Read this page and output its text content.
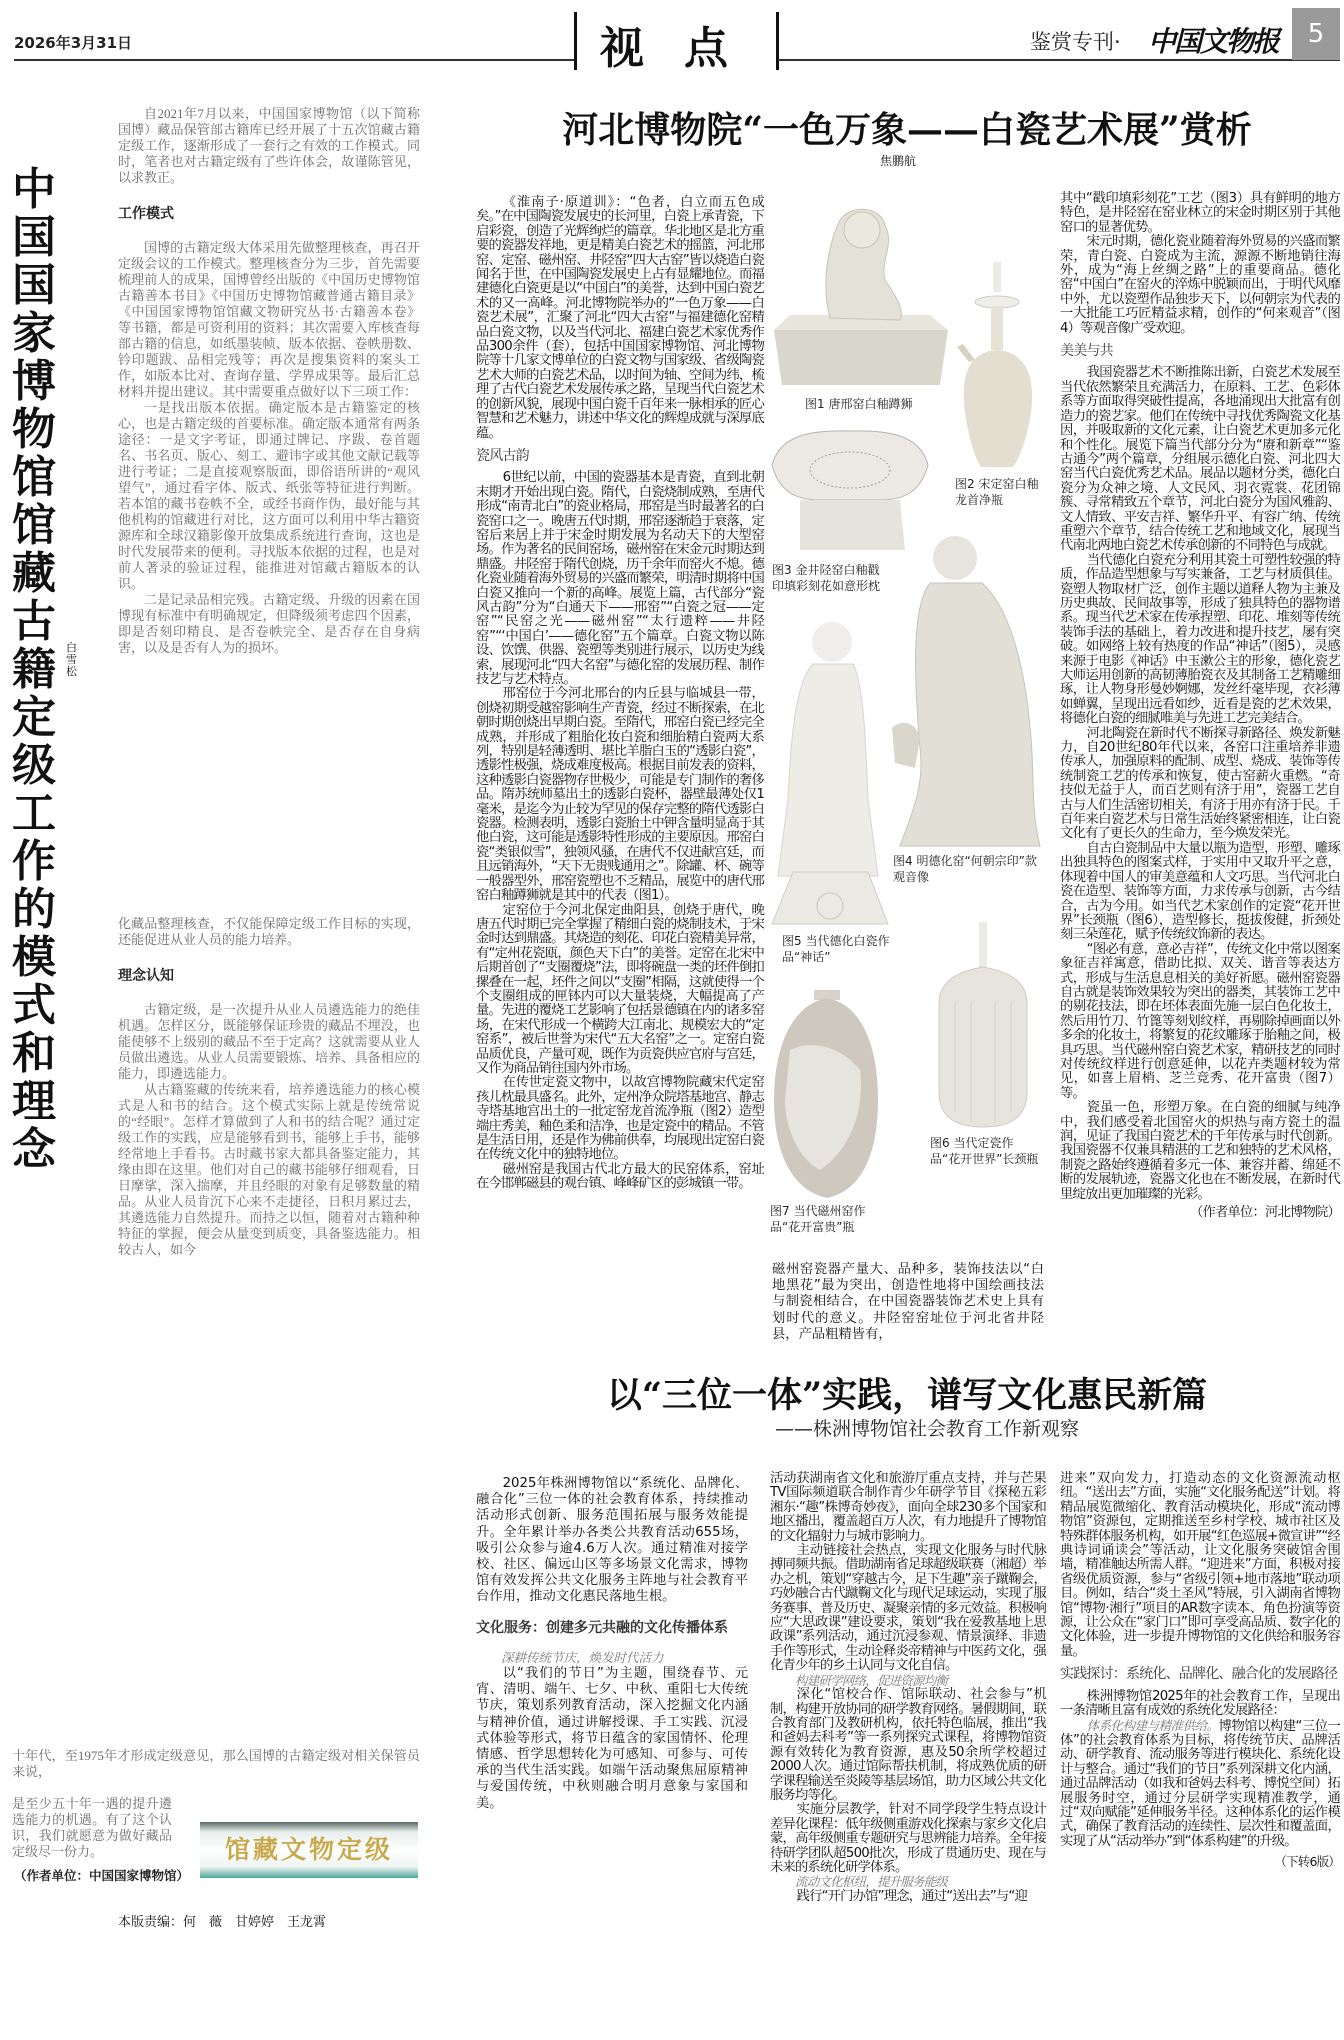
2026年3月31日	视点	鉴赏专刊· 中国文物报	5
中国国家博物馆馆藏古籍定级工作的模式和理念
白雪松

自2021年7月以来，中国国家博物馆（以下简称国博）藏品保管部古籍库已经开展了十五次馆藏古籍定级工作，逐渐形成了一套行之有效的工作模式。同时，笔者也对古籍定级有了些许体会，故谨陈管见，以求教正。

工作模式

国博的古籍定级大体采用先做整理核查，再召开定级会议的工作模式。整理核查分为三步，首先需要梳理前人的成果，国博曾经出版的《中国历史博物馆古籍善本书目》《中国历史博物馆藏普通古籍目录》《中国国家博物馆馆藏文物研究丛书·古籍善本卷》等书籍，都是可资利用的资料；其次需要入库核查每部古籍的信息，如纸墨装帧、版本依据、卷帙册数、钤印题跋、品相完残等；再次是搜集资料的案头工作，如版本比对、查询存量、学界成果等。最后汇总材料并提出建议。其中需要重点做好以下三项工作：

一是找出版本依据。确定版本是古籍鉴定的核心，也是古籍定级的首要标准。确定版本通常有两条途径：一是文字考证，即通过牌记、序跋、卷首题名、书名页、版心、刻工、避讳字或其他文献记载等进行考证；二是直接观察版面，即俗语所讲的“观风望气”，通过看字体、版式、纸张等特征进行判断。若本馆的藏书卷帙不全，或经书商作伪，最好能与其他机构的馆藏进行对比，这方面可以利用中华古籍资源库和全球汉籍影像开放集成系统进行查询，这也是时代发展带来的便利。寻找版本依据的过程，也是对前人著录的验证过程，能推进对馆藏古籍版本的认识。

二是记录品相完残。古籍定级、升级的因素在国博现有标准中有明确规定，但降级须考虑四个因素，即是否刻印精良、是否卷帙完全、是否存在自身病害，以及是否有人为的损坏。

化藏品整理核查，不仅能保障定级工作目标的实现，还能促进从业人员的能力培养。

理念认知

古籍定级，是一次提升从业人员遴选能力的绝佳机遇。怎样区分，既能够保证珍贵的藏品不埋没，也能使够不上级别的藏品不至于定高？这就需要从业人员做出遴选。从业人员需要锻炼、培养、具备相应的能力，即遴选能力。

从古籍鉴藏的传统来看，培养遴选能力的核心模式是人和书的结合。这个模式实际上就是传统常说的“经眼”。怎样才算做到了人和书的结合呢？通过定级工作的实践，应是能够看到书，能够上手书，能够经常地上手看书。古时藏书家大都具备鉴定能力，其缘由即在这里。他们对自己的藏书能够仔细观看，日日摩挲，深入揣摩，并且经眼的对象有足够数量的精品。从业人员肯沉下心来不走捷径，日积月累过去，其遴选能力自然提升。而持之以恒，随着对古籍种种特征的掌握，便会从量变到质变，具备鉴选能力。相较古人，如今

十年代，至1975年才形成定级意见，那么国博的古籍定级对相关保管员来说，

是至少五十年一遇的提升遴选能力的机遇。有了这个认识，我们就愿意为做好藏品定级尽一份力。

（作者单位：中国国家博物馆）
馆藏文物定级
本版责编：何　薇　甘婷婷　王龙霄
河北博物院“一色万象——白瓷艺术展”赏析
焦鹏航

《淮南子·原道训》：“色者，白立而五色成矣。”在中国陶瓷发展史的长河里，白瓷上承青瓷，下启彩瓷，创造了光辉绚烂的篇章。华北地区是北方重要的瓷器发祥地，更是精美白瓷艺术的摇篮，河北邢窑、定窑、磁州窑、井陉窑“四大古窑”皆以烧造白瓷闻名于世，在中国陶瓷发展史上占有显耀地位。而福建德化白瓷更是以“中国白”的美誉，达到中国白瓷艺术的又一高峰。河北博物院举办的“一色万象——白瓷艺术展”，汇聚了河北“四大古窑”与福建德化窑精品白瓷文物，以及当代河北、福建白瓷艺术家优秀作品300余件（套），包括中国国家博物馆、河北博物院等十几家文博单位的白瓷文物与国家级、省级陶瓷艺术大师的白瓷艺术品，以时间为轴、空间为纬，梳理了古代白瓷艺术发展传承之路，呈现当代白瓷艺术的创新风貌，展现中国白瓷千百年来一脉相承的匠心智慧和艺术魅力，讲述中华文化的辉煌成就与深厚底蕴。

瓷风古韵

6世纪以前，中国的瓷器基本是青瓷，直到北朝末期才开始出现白瓷。隋代，白瓷烧制成熟，至唐代形成“南青北白”的瓷业格局，邢窑是当时最著名的白瓷窑口之一。晚唐五代时期，邢窑逐渐趋于衰落，定窑后来居上并于宋金时期发展为名动天下的大型窑场。作为著名的民间窑场，磁州窑在宋金元时期达到鼎盛。井陉窑于隋代创烧，历千余年而窑火不熄。德化瓷业随着海外贸易的兴盛而繁荣，明清时期将中国白瓷又推向一个新的高峰。展览上篇，古代部分“瓷风古韵”分为“白通天下——邢窑”“白瓷之冠——定窑”“民窑之光——磁州窑”“太行遗粹——井陉窑”“‘中国白’——德化窑”五个篇章。白瓷文物以陈设、饮馔、供器、瓷塑等类别进行展示，以历史为线索，展现河北“四大名窑”与德化窑的发展历程、制作技艺与艺术特点。

邢窑位于今河北邢台的内丘县与临城县一带，创烧初期受越窑影响生产青瓷，经过不断探索，在北朝时期创烧出早期白瓷。至隋代，邢窑白瓷已经完全成熟，并形成了粗胎化妆白瓷和细胎精白瓷两大系列，特别是轻薄透明、堪比羊脂白玉的“透影白瓷”，透影性极强，烧成难度极高。根据目前发表的资料，这种透影白瓷器物存世极少，可能是专门制作的奢侈品。隋苏统师墓出土的透影白瓷杯，器壁最薄处仅1毫米，是迄今为止较为罕见的保存完整的隋代透影白瓷器。检测表明，透影白瓷胎土中钾含量明显高于其他白瓷，这可能是透影特性形成的主要原因。邢窑白瓷“类银似雪”，独领风骚，在唐代不仅进献宫廷，而且远销海外，“天下无贵贱通用之”。除罐、杯、碗等一般器型外，邢窑瓷塑也不乏精品，展览中的唐代邢窑白釉蹲狮就是其中的代表（图1）。

定窑位于今河北保定曲阳县，创烧于唐代，晚唐五代时期已完全掌握了精细白瓷的烧制技术，于宋金时达到鼎盛。其烧造的刻花、印花白瓷精美异常，有“定州花瓷瓯，颜色天下白”的美誉。定窑在北宋中后期首创了“支圈覆烧”法，即将碗盘一类的坯件倒扣摞叠在一起，坯件之间以“支圈”相隔，这就使得一个个支圈组成的匣钵内可以大量装烧，大幅提高了产量。先进的覆烧工艺影响了包括景德镇在内的诸多窑场，在宋代形成一个横跨大江南北、规模宏大的“定窑系”，被后世誉为宋代“五大名窑”之一。定窑白瓷品质优良，产量可观，既作为贡瓷供应官府与宫廷，又作为商品销往国内外市场。

在传世定瓷文物中，以故宫博物院藏宋代定窑孩儿枕最具盛名。此外，定州净众院塔基地宫、静志寺塔基地宫出土的一批定窑龙首流净瓶（图2）造型端庄秀美，釉色柔和洁净，也是定瓷中的精品。不管是生活日用，还是作为佛前供奉，均展现出定窑白瓷在传统文化中的独特地位。

磁州窑是我国古代北方最大的民窑体系，窑址在今邯郸磁县的观台镇、峰峰矿区的彭城镇一带。

磁州窑瓷器产量大、品种多，装饰技法以“白地黑花”最为突出，创造性地将中国绘画技法与制瓷相结合，在中国瓷器装饰艺术史上具有划时代的意义。井陉窑窑址位于河北省井陉县，产品粗精皆有，

其中“戳印填彩刻花”工艺（图3）具有鲜明的地方特色，是井陉窑在窑业林立的宋金时期区别于其他窑口的显著优势。

宋元时期，德化瓷业随着海外贸易的兴盛而繁荣，青白瓷、白瓷成为主流，源源不断地销往海外，成为“海上丝绸之路”上的重要商品。德化窑“中国白”在窑火的淬炼中脱颖而出，于明代风靡中外，尤以瓷塑作品独步天下，以何朝宗为代表的一大批能工巧匠精益求精，创作的“何来观音”（图4）等观音像广受欢迎。

美美与共

我国瓷器艺术不断推陈出新，白瓷艺术发展至当代依然繁荣且充满活力，在原料、工艺、色彩体系等方面取得突破性提高，各地涌现出大批富有创造力的瓷艺家。他们在传统中寻找优秀陶瓷文化基因，并吸取新的文化元素，让白瓷艺术更加多元化和个性化。展览下篇当代部分分为“赓和新章”“鉴古通今”两个篇章，分组展示德化白瓷、河北四大窑当代白瓷优秀艺术品。展品以题材分类，德化白瓷分为众神之境、人文民风、羽衣霓裳、花团锦簇、寻常精致五个章节，河北白瓷分为国风雅韵、文人情致、平安吉祥、繁华升平、有容广纳、传统重塑六个章节，结合传统工艺和地域文化，展现当代南北两地白瓷艺术传承创新的不同特色与成就。

当代德化白瓷充分利用其瓷土可塑性较强的特质，作品造型想象与写实兼备，工艺与材质俱佳。瓷塑人物取材广泛，创作主题以道释人物为主兼及历史典故、民间故事等，形成了独具特色的器物谱系。现当代艺术家在传承捏塑、印花、堆刻等传统装饰手法的基础上，着力改进和提升技艺，屡有突破。如网络上较有热度的作品“神话”（图5），灵感来源于电影《神话》中玉漱公主的形象，德化瓷艺大师运用创新的高韧薄胎瓷衣及其制备工艺精雕细琢，让人物身形曼妙婀娜，发丝纤毫毕现，衣衫薄如蝉翼，呈现出远看如纱，近看是瓷的艺术效果，将德化白瓷的细腻唯美与先进工艺完美结合。

河北陶瓷在新时代不断探寻新路径、焕发新魅力，自20世纪80年代以来，各窑口注重培养非遗传承人，加强原料的配制、成型、烧成、装饰等传统制瓷工艺的传承和恢复，使古窑薪火重燃。“奇技似无益于人，而百艺则有济于用”，瓷器工艺自古与人们生活密切相关，有济于用亦有济于民。千百年来白瓷艺术与日常生活始终紧密相连，让白瓷文化有了更长久的生命力，至今焕发荣光。

自古白瓷制品中大量以瓶为造型，形塑、雕琢出独具特色的图案式样，于实用中又取升平之意，体现着中国人的审美意蕴和人文巧思。当代河北白瓷在造型、装饰等方面，力求传承与创新，古今结合，古为今用。如当代艺术家创作的定瓷“花开世界”长颈瓶（图6），造型修长，挺拔俊健，折颈处刻三朵莲花，赋予传统纹饰新的表达。

“图必有意，意必吉祥”，传统文化中常以图案象征吉祥寓意，借助比拟、双关、谐音等表达方式，形成与生活息息相关的美好祈愿。磁州窑瓷器自古就是装饰效果较为突出的器类，其装饰工艺中的剔花技法，即在坯体表面先施一层白色化妆土，然后用竹刀、竹篦等刻划纹样，再剔除掉画面以外多余的化妆土，将繁复的花纹雕琢于胎釉之间，极具巧思。当代磁州窑白瓷艺术家，精研技艺的同时对传统纹样进行创意延伸，以花卉类题材较为常见，如喜上眉梢、芝兰竞秀、花开富贵（图7）等。

瓷虽一色，形塑万象。在白瓷的细腻与纯净中，我们感受着北国窑火的炽热与南方瓷土的温润，见证了我国白瓷艺术的千年传承与时代创新。我国瓷器不仅兼具精湛的工艺和独特的艺术风格，制瓷之路始终遵循着多元一体、兼容并蓄、绵延不断的发展轨迹，瓷器文化也在不断发展，在新时代里绽放出更加璀璨的光彩。

（作者单位：河北博物院）

图1 唐邢窑白釉蹲狮
图2 宋定窑白釉龙首净瓶
图3 金井陉窑白釉戳印填彩刻花如意形枕
图4 明德化窑“何朝宗印”款观音像
图5 当代德化白瓷作品“神话”
图6 当代定瓷作品“花开世界”长颈瓶
图7 当代磁州窑作品“花开富贵”瓶
以“三位一体”实践，谱写文化惠民新篇
——株洲博物馆社会教育工作新观察

2025年株洲博物馆以“系统化、品牌化、融合化”三位一体的社会教育体系，持续推动活动形式创新、服务范围拓展与服务效能提升。全年累计举办各类公共教育活动655场，吸引公众参与逾4.6万人次。通过精准对接学校、社区、偏远山区等多场景文化需求，博物馆有效发挥公共文化服务主阵地与社会教育平台作用，推动文化惠民落地生根。

文化服务：创建多元共融的文化传播体系

深耕传统节庆，焕发时代活力

以“我们的节日”为主题，围绕春节、元宵、清明、端午、七夕、中秋、重阳七大传统节庆，策划系列教育活动，深入挖掘文化内涵与精神价值，通过讲解授课、手工实践、沉浸式体验等形式，将节日蕴含的家国情怀、伦理情感、哲学思想转化为可感知、可参与、可传承的当代生活实践。如端午活动聚焦屈原精神与爱国传统，中秋则融合明月意象与家国和美。

活动获湖南省文化和旅游厅重点支持，并与芒果TV国际频道联合制作青少年研学节目《探秘五彩湘东·“趣”株博奇妙夜》，面向全球230多个国家和地区播出，覆盖超百万人次，有力地提升了博物馆的文化辐射力与城市影响力。

主动链接社会热点，实现文化服务与时代脉搏同频共振。借助湖南省足球超级联赛（湘超）举办之机，策划“穿越古今，足下生趣”亲子蹴鞠会，巧妙融合古代蹴鞠文化与现代足球运动，实现了服务赛事、普及历史、凝聚亲情的多元效益。积极响应“大思政课”建设要求，策划“我在爱教基地上思政课”系列活动，通过沉浸参观、情景演绎、非遗手作等形式，生动诠释炎帝精神与中医药文化，强化青少年的乡土认同与文化自信。

构建研学网络，促进资源均衡

深化“馆校合作、馆际联动、社会参与”机制，构建开放协同的研学教育网络。暑假期间，联合教育部门及教研机构，依托特色临展，推出“我和爸妈去科考”等一系列探究式课程，将博物馆资源有效转化为教育资源，惠及50余所学校超过2000人次。通过馆际帮扶机制，将成熟优质的研学课程输送至炎陵等基层场馆，助力区域公共文化服务均等化。

实施分层教学，针对不同学段学生特点设计差异化课程：低年级侧重游戏化探索与家乡文化启蒙，高年级侧重专题研究与思辨能力培养。全年接待研学团队超500批次，形成了贯通历史、现在与未来的系统化研学体系。

流动文化枢纽，提升服务能级

践行“开门办馆”理念，通过“送出去”与“迎

进来”双向发力，打造动态的文化资源流动枢纽。“送出去”方面，实施“文化服务配送”计划。将精品展览微缩化、教育活动模块化，形成“流动博物馆”资源包，定期推送至乡村学校、城市社区及特殊群体服务机构，如开展“红色巡展+微宣讲”“经典诗词诵读会”等活动，让文化服务突破馆舍围墙，精准触达所需人群。“迎进来”方面，积极对接省级优质资源，参与“省级引领+地市落地”联动项目。例如，结合“炎土圣风”特展，引入湖南省博物馆“博物·湘行”项目的AR数字读本、角色扮演等资源，让公众在“家门口”即可享受高品质、数字化的文化体验，进一步提升博物馆的文化供给和服务容量。

实践探讨：系统化、品牌化、融合化的发展路径

株洲博物馆2025年的社会教育工作，呈现出一条清晰且富有成效的系统化发展路径：

体系化构建与精准供给。博物馆以构建“三位一体”的社会教育体系为目标，将传统节庆、品牌活动、研学教育、流动服务等进行模块化、系统化设计与整合。通过“我们的节日”系列深耕文化内涵，通过品牌活动（如我和爸妈去科考、博悦空间）拓展服务时空，通过分层研学实现精准教学，通过“双向赋能”延伸服务半径。这种体系化的运作模式，确保了教育活动的连续性、层次性和覆盖面，实现了从“活动举办”到“体系构建”的升级。

（下转6版）
